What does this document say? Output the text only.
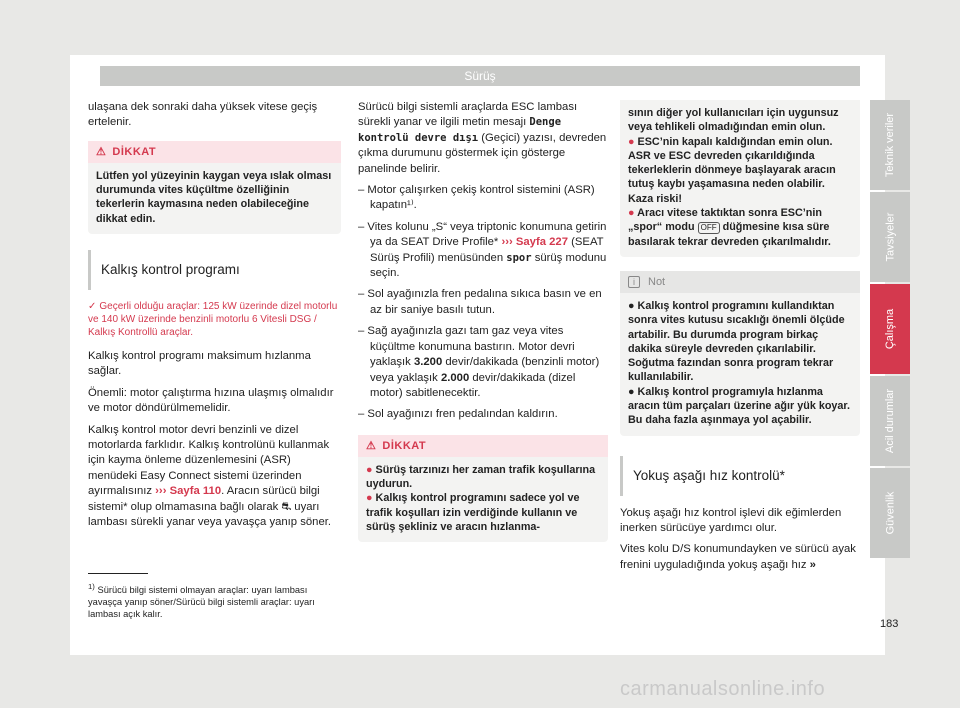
Sürüş

ulaşana dek sonraki daha yüksek vitese geçiş ertelenir.

⚠ DİKKAT
Lütfen yol yüzeyinin kaygan veya ıslak olması durumunda vites küçültme özelliğinin tekerlerin kaymasına neden olabileceğine dikkat edin.
Kalkış kontrol programı
✓ Geçerli olduğu araçlar: 125 kW üzerinde dizel motorlu ve 140 kW üzerinde benzinli motorlu 6 Vitesli DSG / Kalkış Kontrollü araçlar.

Kalkış kontrol programı maksimum hızlanma sağlar.

Önemli: motor çalıştırma hızına ulaşmış olmalıdır ve motor döndürülmemelidir.

Kalkış kontrol motor devri benzinli ve dizel motorlarda farklıdır. Kalkış kontrolünü kullanmak için kayma önleme düzenlemesini (ASR) menüdeki Easy Connect sistemi üzerinden ayırmalısınız ››› Sayfa 110. Aracın sürücü bilgi sistemi* olup olmamasına bağlı olarak ⛐ uyarı lambası sürekli yanar veya yavaşça yanıp söner.

$^{1)}$ Sürücü bilgi sistemi olmayan araçlar: uyarı lambası yavaşça yanıp söner/Sürücü bilgi sistemli araçlar: uyarı lambası açık kalır.

Sürücü bilgi sistemli araçlarda ESC lambası sürekli yanar ve ilgili metin mesajı Denge kontrolü devre dışı (Geçici) yazısı, devreden çıkma durumunu göstermek için gösterge panelinde belirir.

– Motor çalışırken çekiş kontrol sistemini (ASR) kapatın¹⁾.

– Vites kolunu „S“ veya triptonic konumuna getirin ya da SEAT Drive Profile* ››› Sayfa 227 (SEAT Sürüş Profili) menüsünden spor sürüş modunu seçin.

– Sol ayağınızla fren pedalına sıkıca basın ve en az bir saniye basılı tutun.

– Sağ ayağınızla gazı tam gaz veya vites küçültme konumuna bastırın. Motor devri yaklaşık 3.200 devir/dakikada (benzinli motor) veya yaklaşık 2.000 devir/dakikada (dizel motor) sabitlenecektir.

– Sol ayağınızı fren pedalından kaldırın.

⚠ DİKKAT
● Sürüş tarzınızı her zaman trafik koşullarına uydurun.
● Kalkış kontrol programını sadece yol ve trafik koşulları izin verdiğinde kullanın ve sürüş şekliniz ve aracın hızlanma-
sının diğer yol kullanıcıları için uygunsuz veya tehlikeli olmadığından emin olun.
● ESC’nin kapalı kaldığından emin olun. ASR ve ESC devreden çıkarıldığında tekerleklerin dönmeye başlayarak aracın tutuş kaybı yaşamasına neden olabilir. Kaza riski!
● Aracı vitese taktıktan sonra ESC’nin „spor“ modu OFF düğmesine kısa süre basılarak tekrar devreden çıkarılmalıdır.
i Not
● Kalkış kontrol programını kullandıktan sonra vites kutusu sıcaklığı önemli ölçüde artabilir. Bu durumda program birkaç dakika süreyle devreden çıkarılabilir. Soğutma fazından sonra program tekrar kullanılabilir.
● Kalkış kontrol programıyla hızlanma aracın tüm parçaları üzerine ağır yük koyar. Bu daha fazla aşınmaya yol açabilir.
Yokuş aşağı hız kontrolü*

Yokuş aşağı hız kontrol işlevi dik eğimlerden inerken sürücüye yardımcı olur.

Vites kolu D/S konumundayken ve sürücü ayak frenini uyguladığında yokuş aşağı hız »

Teknik veriler
Tavsiyeler
Çalışma
Acil durumlar
Güvenlik
183
carmanualsonline.info
